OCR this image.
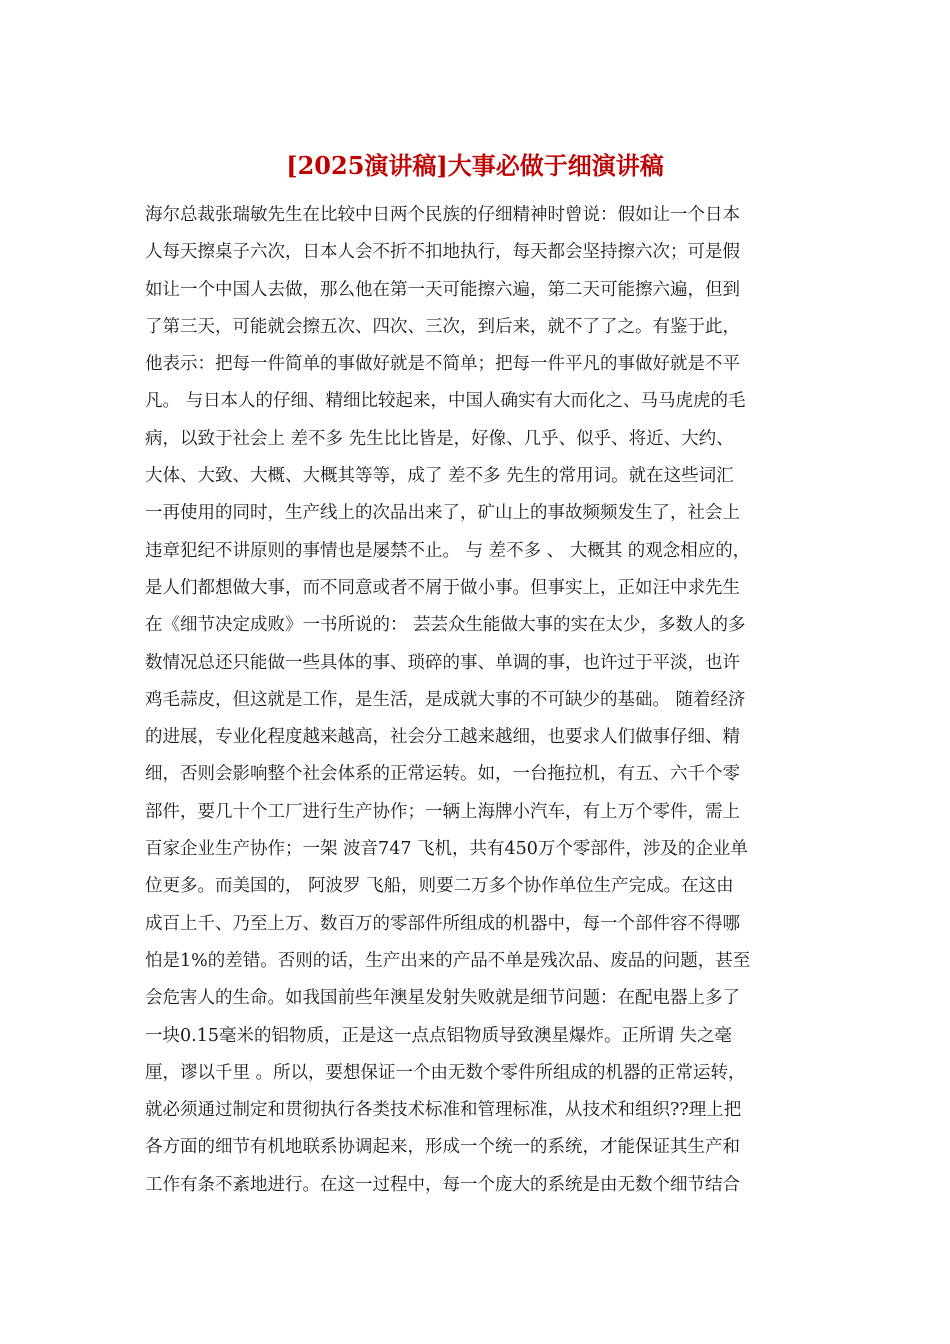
[2025演讲稿]大事必做于细演讲稿
海尔总裁张瑞敏先生在比较中日两个民族的仔细精神时曾说：假如让一个日本
人每天擦桌子六次，日本人会不折不扣地执行，每天都会坚持擦六次；可是假
如让一个中国人去做，那么他在第一天可能擦六遍，第二天可能擦六遍，但到
了第三天，可能就会擦五次、四次、三次，到后来，就不了了之。有鉴于此，
他表示：把每一件简单的事做好就是不简单；把每一件平凡的事做好就是不平
凡。 与日本人的仔细、精细比较起来，中国人确实有大而化之、马马虎虎的毛
病，以致于社会上 差不多 先生比比皆是，好像、几乎、似乎、将近、大约、
大体、大致、大概、大概其等等，成了 差不多 先生的常用词。就在这些词汇
一再使用的同时，生产线上的次品出来了，矿山上的事故频频发生了，社会上
违章犯纪不讲原则的事情也是屡禁不止。 与 差不多 、 大概其 的观念相应的，
是人们都想做大事，而不同意或者不屑于做小事。但事实上，正如汪中求先生
在《细节决定成败》一书所说的： 芸芸众生能做大事的实在太少，多数人的多
数情况总还只能做一些具体的事、琐碎的事、单调的事，也许过于平淡，也许
鸡毛蒜皮，但这就是工作，是生活，是成就大事的不可缺少的基础。 随着经济
的进展，专业化程度越来越高，社会分工越来越细，也要求人们做事仔细、精
细，否则会影响整个社会体系的正常运转。如，一台拖拉机，有五、六千个零
部件，要几十个工厂进行生产协作；一辆上海牌小汽车，有上万个零件，需上
百家企业生产协作；一架 波音747 飞机，共有450万个零部件，涉及的企业单
位更多。而美国的， 阿波罗 飞船，则要二万多个协作单位生产完成。在这由
成百上千、乃至上万、数百万的零部件所组成的机器中，每一个部件容不得哪
怕是1%的差错。否则的话，生产出来的产品不单是残次品、废品的问题，甚至
会危害人的生命。如我国前些年澳星发射失败就是细节问题：在配电器上多了
一块0.15毫米的铝物质，正是这一点点铝物质导致澳星爆炸。正所谓 失之毫
厘，谬以千里 。所以，要想保证一个由无数个零件所组成的机器的正常运转，
就必须通过制定和贯彻执行各类技术标准和管理标准，从技术和组织??理上把
各方面的细节有机地联系协调起来，形成一个统一的系统，才能保证其生产和
工作有条不紊地进行。在这一过程中，每一个庞大的系统是由无数个细节结合
